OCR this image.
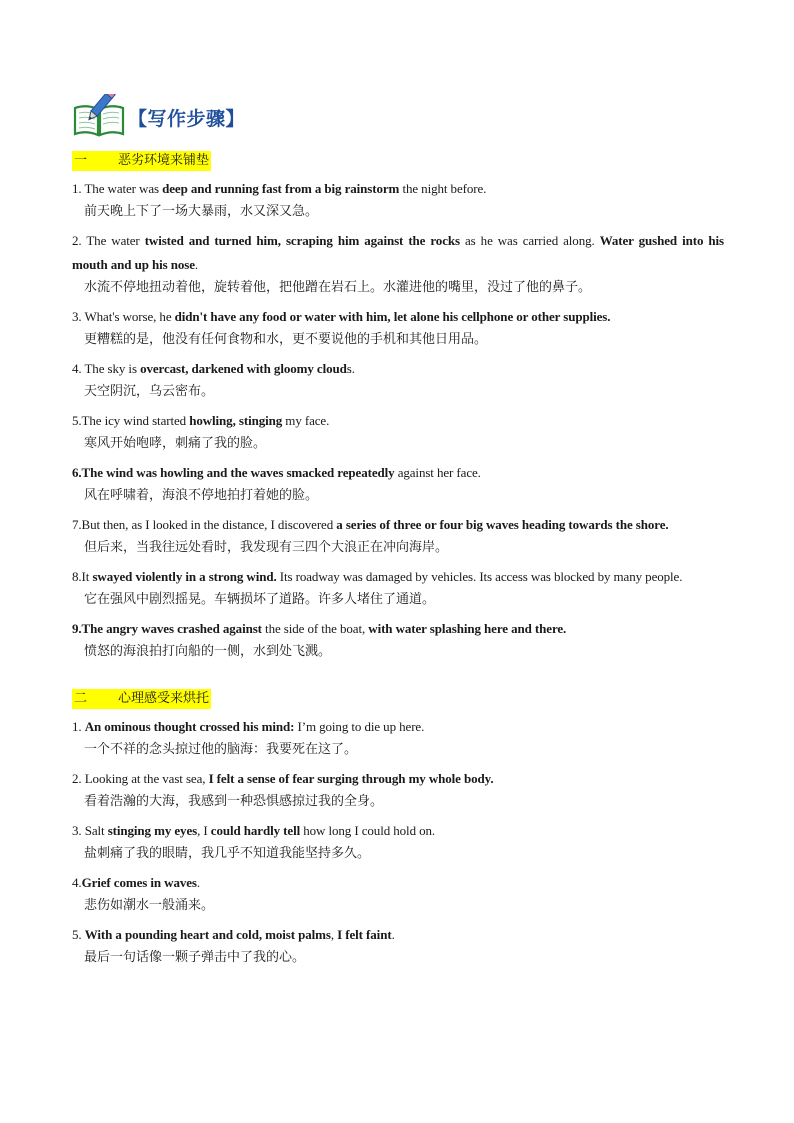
【写作步骤】
一 恶劣环境来铺垫
1. The water was deep and running fast from a big rainstorm the night before.
前天晚上下了一场大暴雨，水又深又急。
2. The water twisted and turned him, scraping him against the rocks as he was carried along. Water gushed into his mouth and up his nose.
水流不停地扭动着他，旋转着他，把他蹭在岩石上。水灌进他的嘴里，没过了他的鼻子。
3. What's worse, he didn't have any food or water with him, let alone his cellphone or other supplies.
更糟糕的是，他没有任何食物和水，更不要说他的手机和其他日用品。
4. The sky is overcast, darkened with gloomy clouds.
天空阴沉，乌云密布。
5.The icy wind started howling, stinging my face.
寒风开始咆哮，刺痛了我的脸。
6.The wind was howling and the waves smacked repeatedly against her face.
风在呼啸着，海浪不停地拍打着她的脸。
7.But then, as I looked in the distance, I discovered a series of three or four big waves heading towards the shore.
但后来，当我往远处看时，我发现有三四个大浪正在冲向海岸。
8.It swayed violently in a strong wind. Its roadway was damaged by vehicles. Its access was blocked by many people.
它在强风中剧烈摇晃。车辆损坏了道路。许多人堵住了通道。
9.The angry waves crashed against the side of the boat, with water splashing here and there.
愤怒的海浪拍打向船的一侧，水到处飞溅。
二 心理感受来烘托
1. An ominous thought crossed his mind: I’m going to die up here.
一个不祥的念头掠过他的脑海：我要死在这了。
2. Looking at the vast sea, I felt a sense of fear surging through my whole body.
看着浩瀚的大海，我感到一种恐惧感掠过我的全身。
3. Salt stinging my eyes, I could hardly tell how long I could hold on.
盐刺痛了我的眼睛，我几乎不知道我能坚持多久。
4.Grief comes in waves.
悲伤如潮水一般涌来。
5. With a pounding heart and cold, moist palms, I felt faint.
最后一句话像一颗子弹击中了我的心。
